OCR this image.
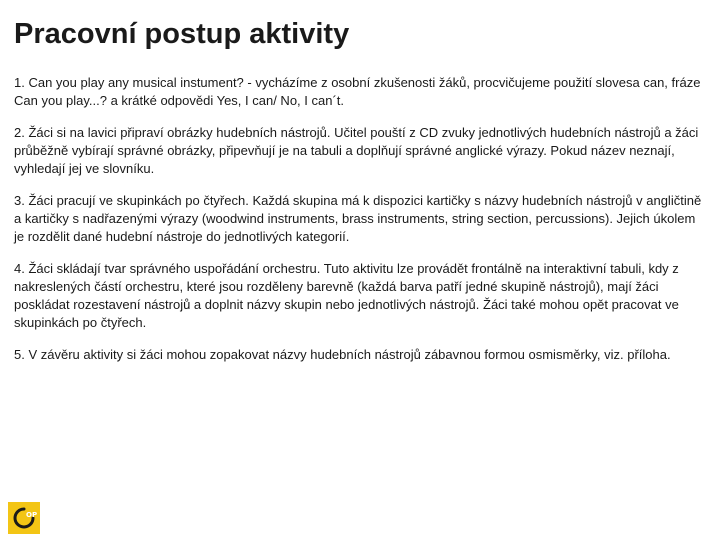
Pracovní postup aktivity

1. Can you play any musical instument? - vycházíme z osobní zkušenosti žáků, procvičujeme použití slovesa can, fráze Can you play...? a krátké odpovědi Yes, I can/ No, I can´t.

2. Žáci si na lavici připraví obrázky hudebních nástrojů. Učitel pouští z CD zvuky jednotlivých hudebních nástrojů a žáci průběžně vybírají správné obrázky, připevňují je na tabuli a doplňují správné anglické výrazy. Pokud název neznají, vyhledají jej ve slovníku.

3. Žáci pracují ve skupinkách po čtyřech. Každá skupina má k dispozici kartičky s názvy hudebních nástrojů v angličtině a kartičky s nadřazenými výrazy (woodwind instruments, brass instruments, string section, percussions). Jejich úkolem je rozdělit dané hudební nástroje do jednotlivých kategorií.

4. Žáci skládají tvar správného uspořádání orchestru. Tuto aktivitu lze provádět frontálně na interaktivní tabuli, kdy z nakreslených částí orchestru, které jsou rozděleny barevně (každá barva patří jedné skupině nástrojů), mají žáci poskládat rozestavení nástrojů a doplnit názvy skupin nebo jednotlivých nástrojů. Žáci také mohou opět pracovat ve skupinkách po čtyřech.

5. V závěru aktivity si žáci mohou zopakovat názvy hudebních nástrojů zábavnou formou osmisměrky, viz. příloha.

OP
